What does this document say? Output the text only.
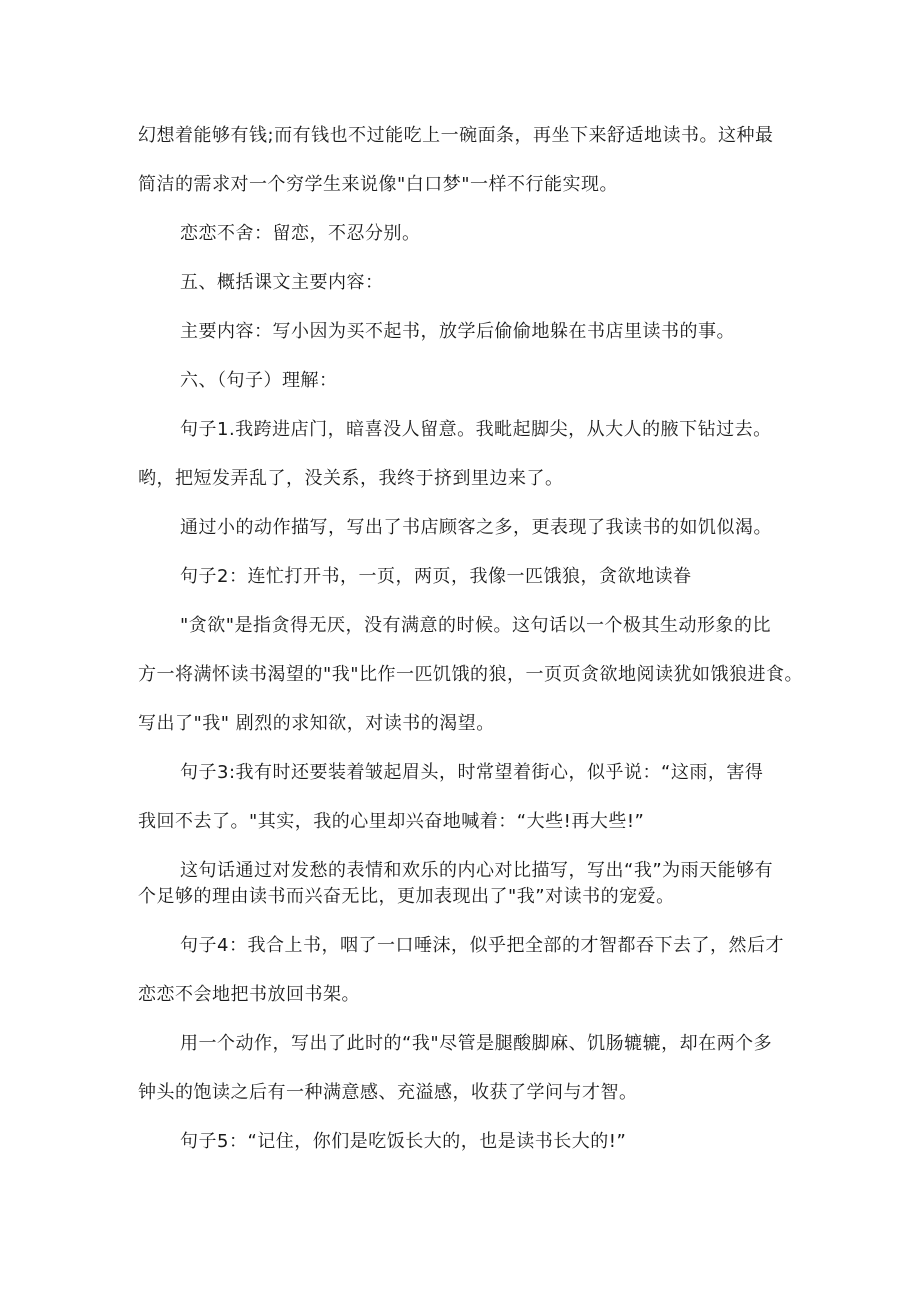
幻想着能够有钱;而有钱也不过能吃上一碗面条，再坐下来舒适地读书。这种最
简洁的需求对一个穷学生来说像"白口梦"一样不行能实现。
恋恋不舍：留恋，不忍分别。
五、概括课文主要内容：
主要内容：写小因为买不起书，放学后偷偷地躲在书店里读书的事。
六、（句子）理解：
句子1.我跨进店门，暗喜没人留意。我毗起脚尖，从大人的腋下钻过去。
哟，把短发弄乱了，没关系，我终于挤到里边来了。
通过小的动作描写，写出了书店顾客之多，更表现了我读书的如饥似渴。
句子2：连忙打开书，一页，两页，我像一匹饿狼，贪欲地读眷
"贪欲"是指贪得无厌，没有满意的时候。这句话以一个极其生动形象的比
方一将满怀读书渴望的"我"比作一匹饥饿的狼，一页页贪欲地阅读犹如饿狼进食。
写出了"我" 剧烈的求知欲，对读书的渴望。
句子3:我有时还要装着皱起眉头，时常望着街心，似乎说：“这雨，害得
我回不去了。"其实，我的心里却兴奋地喊着：“大些!再大些!”
这句话通过对发愁的表情和欢乐的内心对比描写，写出“我”为雨天能够有
个足够的理由读书而兴奋无比，更加表现出了"我”对读书的宠爱。
句子4：我合上书，咽了一口唾沫，似乎把全部的才智都吞下去了，然后才
恋恋不会地把书放回书架。
用一个动作，写出了此时的“我"尽管是腿酸脚麻、饥肠辘辘，却在两个多
钟头的饱读之后有一种满意感、充溢感，收获了学问与才智。
句子5：“记住，你们是吃饭长大的，也是读书长大的!”
